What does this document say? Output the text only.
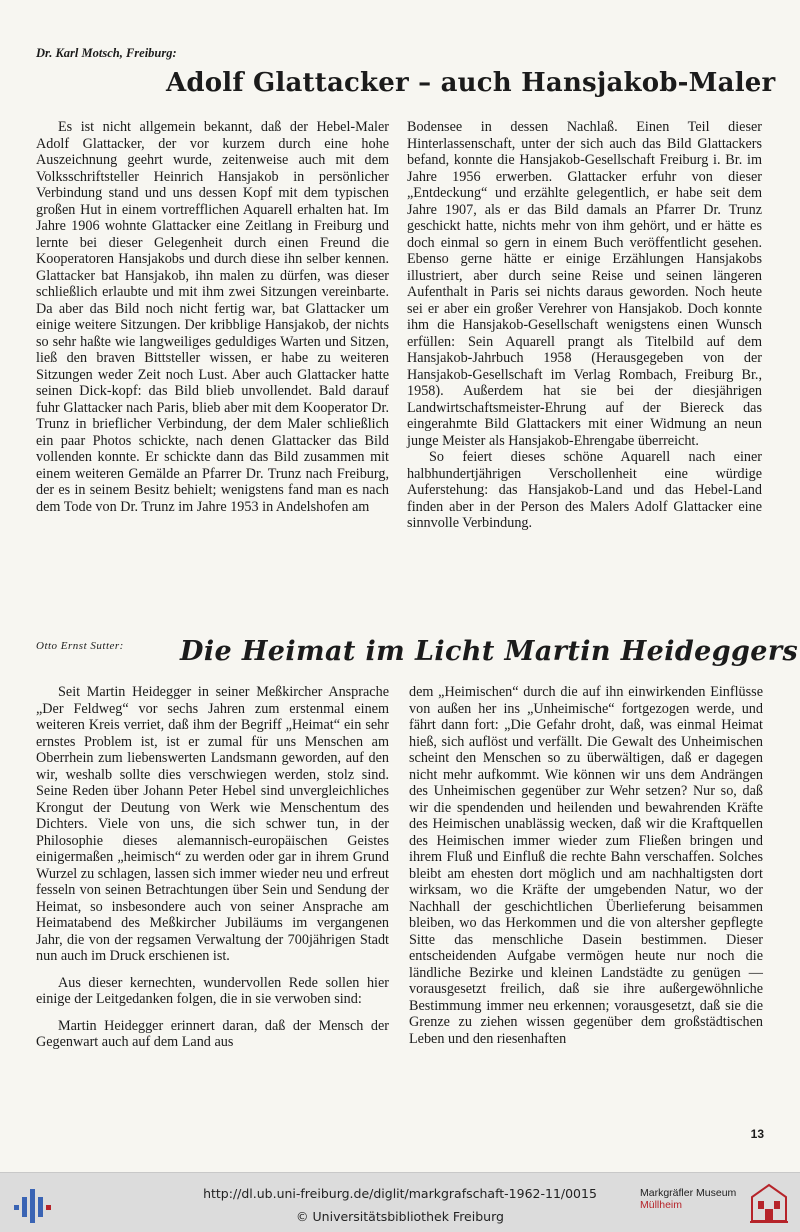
Dr. Karl Motsch, Freiburg:
Adolf Glattacker – auch Hansjakob-Maler

Es ist nicht allgemein bekannt, daß der Hebel-Maler Adolf Glattacker, der vor kurzem durch eine hohe Auszeichnung geehrt wurde, zeitenweise auch mit dem Volksschriftsteller Heinrich Hansjakob in persönlicher Verbindung stand und uns dessen Kopf mit dem typischen großen Hut in einem vortrefflichen Aquarell erhalten hat. Im Jahre 1906 wohnte Glattacker eine Zeitlang in Freiburg und lernte bei dieser Gelegenheit durch einen Freund die Kooperatoren Hansjakobs und durch diese ihn selber kennen. Glattacker bat Hansjakob, ihn malen zu dürfen, was dieser schließlich erlaubte und mit ihm zwei Sitzungen vereinbarte. Da aber das Bild noch nicht fertig war, bat Glattacker um einige weitere Sitzungen. Der kribblige Hansjakob, der nichts so sehr haßte wie langweiliges geduldiges Warten und Sitzen, ließ den braven Bittsteller wissen, er habe zu weiteren Sitzungen weder Zeit noch Lust. Aber auch Glattacker hatte seinen Dick-kopf: das Bild blieb unvollendet. Bald darauf fuhr Glattacker nach Paris, blieb aber mit dem Kooperator Dr. Trunz in brieflicher Verbindung, der dem Maler schließlich ein paar Photos schickte, nach denen Glattacker das Bild vollenden konnte. Er schickte dann das Bild zusammen mit einem weiteren Gemälde an Pfarrer Dr. Trunz nach Freiburg, der es in seinem Besitz behielt; wenigstens fand man es nach dem Tode von Dr. Trunz im Jahre 1953 in Andelshofen am

Bodensee in dessen Nachlaß. Einen Teil dieser Hinterlassenschaft, unter der sich auch das Bild Glattackers befand, konnte die Hansjakob-Gesellschaft Freiburg i. Br. im Jahre 1956 erwerben. Glattacker erfuhr von dieser „Entdeckung“ und erzählte gelegentlich, er habe seit dem Jahre 1907, als er das Bild damals an Pfarrer Dr. Trunz geschickt hatte, nichts mehr von ihm gehört, und er hätte es doch einmal so gern in einem Buch veröffentlicht gesehen. Ebenso gerne hätte er einige Erzählungen Hansjakobs illustriert, aber durch seine Reise und seinen längeren Aufenthalt in Paris sei nichts daraus geworden. Noch heute sei er aber ein großer Verehrer von Hansjakob. Doch konnte ihm die Hansjakob-Gesellschaft wenigstens einen Wunsch erfüllen: Sein Aquarell prangt als Titelbild auf dem Hansjakob-Jahrbuch 1958 (Herausgegeben von der Hansjakob-Gesellschaft im Verlag Rombach, Freiburg Br., 1958). Außerdem hat sie bei der diesjährigen Landwirtschaftsmeister-Ehrung auf der Biereck das eingerahmte Bild Glattackers mit einer Widmung an neun junge Meister als Hansjakob-Ehrengabe überreicht.

So feiert dieses schöne Aquarell nach einer halbhundertjährigen Verschollenheit eine würdige Auferstehung: das Hansjakob-Land und das Hebel-Land finden aber in der Person des Malers Adolf Glattacker eine sinnvolle Verbindung.

Otto Ernst Sutter: Die Heimat im Licht Martin Heideggers

Seit Martin Heidegger in seiner Meßkircher Ansprache „Der Feldweg“ vor sechs Jahren zum erstenmal einem weiteren Kreis verriet, daß ihm der Begriff „Heimat“ ein sehr ernstes Problem ist, ist er zumal für uns Menschen am Oberrhein zum liebenswerten Landsmann geworden, auf den wir, weshalb sollte dies verschwiegen werden, stolz sind. Seine Reden über Johann Peter Hebel sind unvergleichliches Krongut der Deutung von Werk wie Menschentum des Dichters. Viele von uns, die sich schwer tun, in der Philosophie dieses alemannisch-europäischen Geistes einigermaßen „heimisch“ zu werden oder gar in ihrem Grund Wurzel zu schlagen, lassen sich immer wieder neu und erfreut fesseln von seinen Betrachtungen über Sein und Sendung der Heimat, so insbesondere auch von seiner Ansprache am Heimatabend des Meßkircher Jubiläums im vergangenen Jahr, die von der regsamen Verwaltung der 700jährigen Stadt nun auch im Druck erschienen ist.

Aus dieser kernechten, wundervollen Rede sollen hier einige der Leitgedanken folgen, die in sie verwoben sind:

Martin Heidegger erinnert daran, daß der Mensch der Gegenwart auch auf dem Land aus

dem „Heimischen“ durch die auf ihn einwirkenden Einflüsse von außen her ins „Unheimische“ fortgezogen werde, und fährt dann fort: „Die Gefahr droht, daß, was einmal Heimat hieß, sich auflöst und verfällt. Die Gewalt des Unheimischen scheint den Menschen so zu überwältigen, daß er dagegen nicht mehr aufkommt. Wie können wir uns dem Andrängen des Unheimischen gegenüber zur Wehr setzen? Nur so, daß wir die spendenden und heilenden und bewahrenden Kräfte des Heimischen unablässig wecken, daß wir die Kraftquellen des Heimischen immer wieder zum Fließen bringen und ihrem Fluß und Einfluß die rechte Bahn verschaffen. Solches bleibt am ehesten dort möglich und am nachhaltigsten dort wirksam, wo die Kräfte der umgebenden Natur, wo der Nachhall der geschichtlichen Überlieferung beisammen bleiben, wo das Herkommen und die von altersher gepflegte Sitte das menschliche Dasein bestimmen. Dieser entscheidenden Aufgabe vermögen heute nur noch die ländliche Bezirke und kleinen Landstädte zu genügen — vorausgesetzt freilich, daß sie ihre außergewöhnliche Bestimmung immer neu erkennen; vorausgesetzt, daß sie die Grenze zu ziehen wissen gegenüber dem großstädtischen Leben und den riesenhaften

13
http://dl.ub.uni-freiburg.de/diglit/markgrafschaft-1962-11/0015
© Universitätsbibliothek Freiburg
Markgräfler Museum
Müllheim
